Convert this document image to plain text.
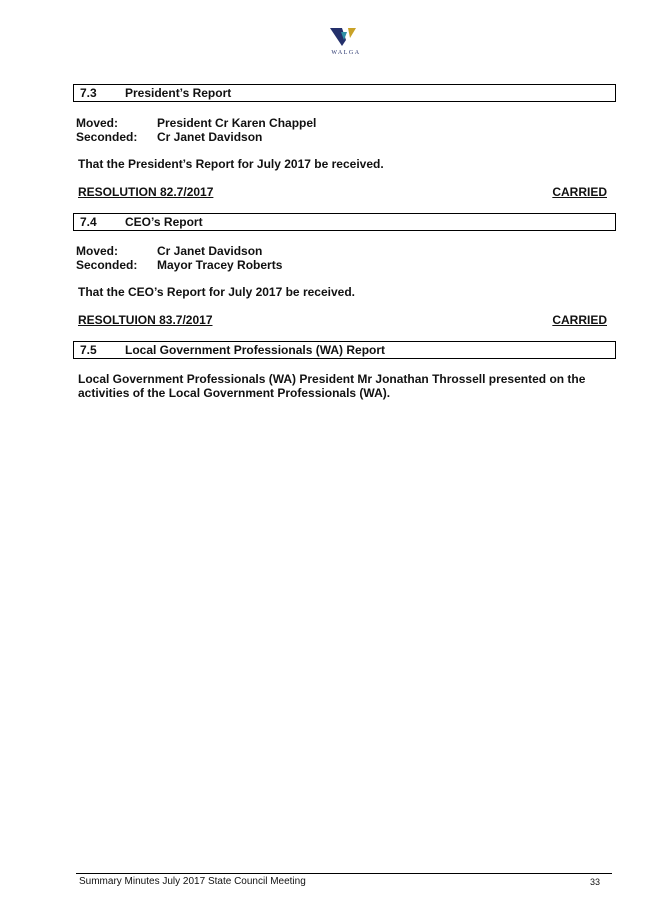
WALGA
7.3 President’s Report
Moved:	President Cr Karen Chappel
Seconded: Cr Janet Davidson
That the President’s Report for July 2017 be received.
RESOLUTION 82.7/2017	CARRIED
7.4 CEO’s Report
Moved:	Cr Janet Davidson
Seconded: Mayor Tracey Roberts
That the CEO’s Report for July 2017 be received.
RESOLTUION 83.7/2017	CARRIED
7.5 Local Government Professionals (WA) Report
Local Government Professionals (WA) President Mr Jonathan Throssell presented on the activities of the Local Government Professionals (WA).
Summary Minutes July 2017 State Council Meeting	33
